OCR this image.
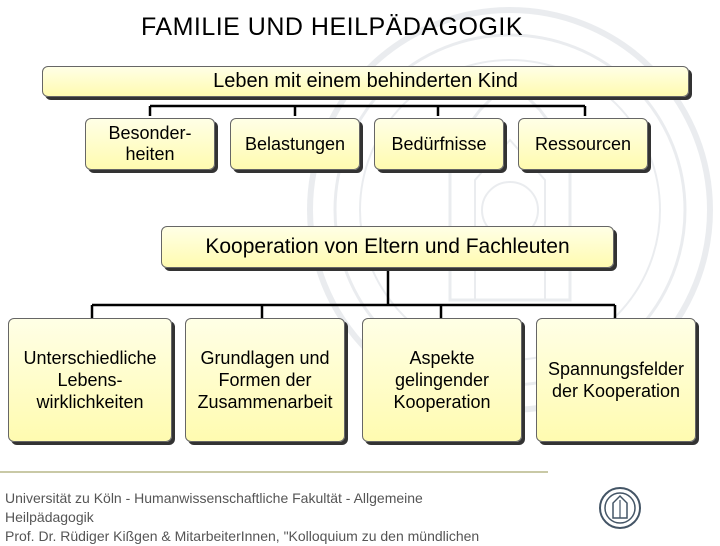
FAMILIE UND HEILPÄDAGOGIK
Leben mit einem behinderten Kind
Besonder-
heiten
Belastungen	Bedürfnisse	Ressourcen
Kooperation von Eltern und Fachleuten
Unterschiedliche
Lebens-
wirklichkeiten
Grundlagen und
Formen der
Zusammenarbeit
Aspekte
gelingender
Kooperation
Spannungsfelder
der Kooperation
Universität zu Köln - Humanwissenschaftliche Fakultät - Allgemeine
Heilpädagogik
Prof. Dr. Rüdiger Kißgen & MitarbeiterInnen, "Kolloquium zu den mündlichen
